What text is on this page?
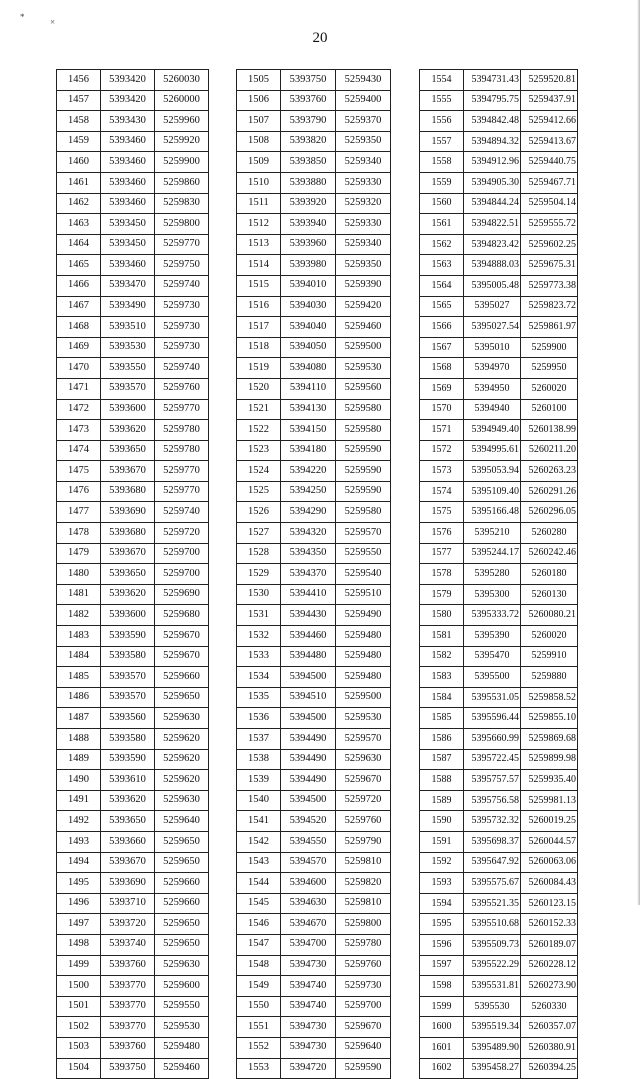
20
*	×
1456	5393420	5260030
1457	5393420	5260000
1458	5393430	5259960
1459	5393460	5259920
1460	5393460	5259900
1461	5393460	5259860
1462	5393460	5259830
1463	5393450	5259800
1464	5393450	5259770
1465	5393460	5259750
1466	5393470	5259740
1467	5393490	5259730
1468	5393510	5259730
1469	5393530	5259730
1470	5393550	5259740
1471	5393570	5259760
1472	5393600	5259770
1473	5393620	5259780
1474	5393650	5259780
1475	5393670	5259770
1476	5393680	5259770
1477	5393690	5259740
1478	5393680	5259720
1479	5393670	5259700
1480	5393650	5259700
1481	5393620	5259690
1482	5393600	5259680
1483	5393590	5259670
1484	5393580	5259670
1485	5393570	5259660
1486	5393570	5259650
1487	5393560	5259630
1488	5393580	5259620
1489	5393590	5259620
1490	5393610	5259620
1491	5393620	5259630
1492	5393650	5259640
1493	5393660	5259650
1494	5393670	5259650
1495	5393690	5259660
1496	5393710	5259660
1497	5393720	5259650
1498	5393740	5259650
1499	5393760	5259630
1500	5393770	5259600
1501	5393770	5259550
1502	5393770	5259530
1503	5393760	5259480
1504	5393750	5259460
1505	5393750	5259430
1506	5393760	5259400
1507	5393790	5259370
1508	5393820	5259350
1509	5393850	5259340
1510	5393880	5259330
1511	5393920	5259320
1512	5393940	5259330
1513	5393960	5259340
1514	5393980	5259350
1515	5394010	5259390
1516	5394030	5259420
1517	5394040	5259460
1518	5394050	5259500
1519	5394080	5259530
1520	5394110	5259560
1521	5394130	5259580
1522	5394150	5259580
1523	5394180	5259590
1524	5394220	5259590
1525	5394250	5259590
1526	5394290	5259580
1527	5394320	5259570
1528	5394350	5259550
1529	5394370	5259540
1530	5394410	5259510
1531	5394430	5259490
1532	5394460	5259480
1533	5394480	5259480
1534	5394500	5259480
1535	5394510	5259500
1536	5394500	5259530
1537	5394490	5259570
1538	5394490	5259630
1539	5394490	5259670
1540	5394500	5259720
1541	5394520	5259760
1542	5394550	5259790
1543	5394570	5259810
1544	5394600	5259820
1545	5394630	5259810
1546	5394670	5259800
1547	5394700	5259780
1548	5394730	5259760
1549	5394740	5259730
1550	5394740	5259700
1551	5394730	5259670
1552	5394730	5259640
1553	5394720	5259590
1554	5394731.43	5259520.81
1555	5394795.75	5259437.91
1556	5394842.48	5259412.66
1557	5394894.32	5259413.67
1558	5394912.96	5259440.75
1559	5394905.30	5259467.71
1560	5394844.24	5259504.14
1561	5394822.51	5259555.72
1562	5394823.42	5259602.25
1563	5394888.03	5259675.31
1564	5395005.48	5259773.38
1565	5395027	5259823.72
1566	5395027.54	5259861.97
1567	5395010	5259900
1568	5394970	5259950
1569	5394950	5260020
1570	5394940	5260100
1571	5394949.40	5260138.99
1572	5394995.61	5260211.20
1573	5395053.94	5260263.23
1574	5395109.40	5260291.26
1575	5395166.48	5260296.05
1576	5395210	5260280
1577	5395244.17	5260242.46
1578	5395280	5260180
1579	5395300	5260130
1580	5395333.72	5260080.21
1581	5395390	5260020
1582	5395470	5259910
1583	5395500	5259880
1584	5395531.05	5259858.52
1585	5395596.44	5259855.10
1586	5395660.99	5259869.68
1587	5395722.45	5259899.98
1588	5395757.57	5259935.40
1589	5395756.58	5259981.13
1590	5395732.32	5260019.25
1591	5395698.37	5260044.57
1592	5395647.92	5260063.06
1593	5395575.67	5260084.43
1594	5395521.35	5260123.15
1595	5395510.68	5260152.33
1596	5395509.73	5260189.07
1597	5395522.29	5260228.12
1598	5395531.81	5260273.90
1599	5395530	5260330
1600	5395519.34	5260357.07
1601	5395489.90	5260380.91
1602	5395458.27	5260394.25
